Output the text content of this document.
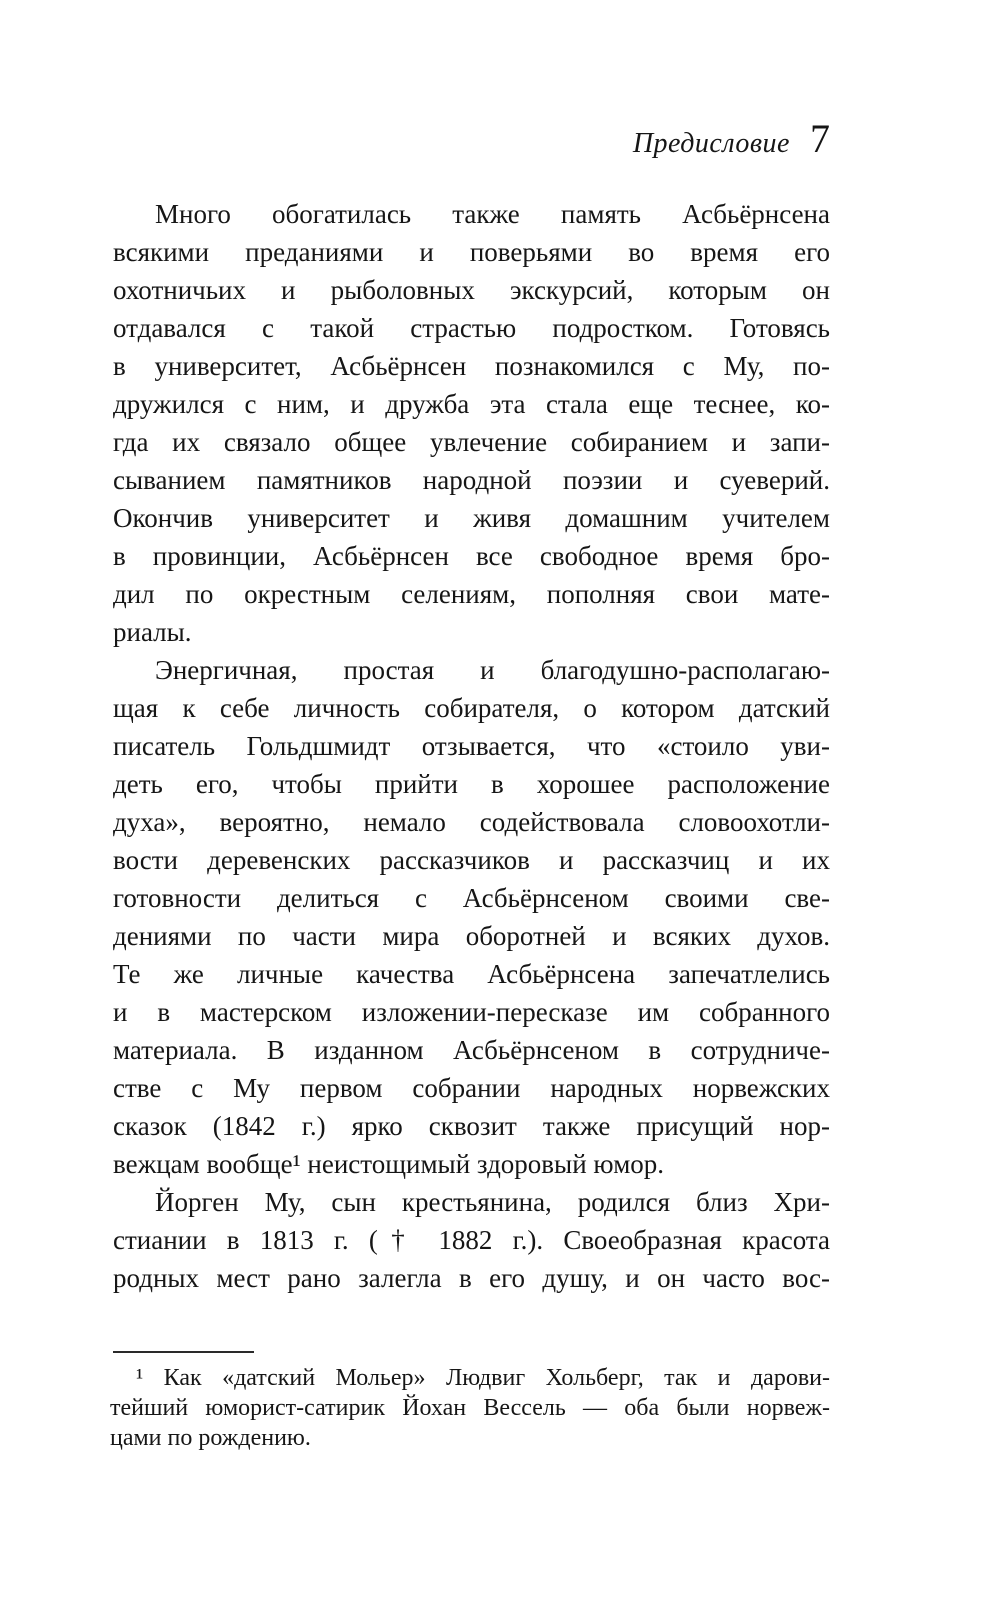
Предисловие 7
Много обогатилась также память Асбьёрнсена
всякими преданиями и поверьями во время его
охотничьих и рыболовных экскурсий, которым он
отдавался с такой страстью подростком. Готовясь
в университет, Асбьёрнсен познакомился с Му, по-
дружился с ним, и дружба эта стала еще теснее, ко-
гда их связало общее увлечение собиранием и запи-
сыванием памятников народной поэзии и суеверий.
Окончив университет и живя домашним учителем
в провинции, Асбьёрнсен все свободное время бро-
дил по окрестным селениям, пополняя свои мате-
риалы.
Энергичная, простая и благодушно-располагаю-
щая к себе личность собирателя, о котором датский
писатель Гольдшмидт отзывается, что «стоило уви-
деть его, чтобы прийти в хорошее расположение
духа», вероятно, немало содействовала словоохотли-
вости деревенских рассказчиков и рассказчиц и их
готовности делиться с Асбьёрнсеном своими све-
дениями по части мира оборотней и всяких духов.
Те же личные качества Асбьёрнсена запечатлелись
и в мастерском изложении-пересказе им собранного
материала. В изданном Асбьёрнсеном в сотрудниче-
стве с Му первом собрании народных норвежских
сказок (1842 г.) ярко сквозит также присущий нор-
вежцам вообще¹ неистощимый здоровый юмор.
Йорген Му, сын крестьянина, родился близ Хри-
стиании в 1813 г. († 1882 г.). Своеобразная красота
родных мест рано залегла в его душу, и он часто вос-
¹ Как «датский Мольер» Людвиг Хольберг, так и дарови-
тейший юморист-сатирик Йохан Вессель — оба были норвеж-
цами по рождению.
